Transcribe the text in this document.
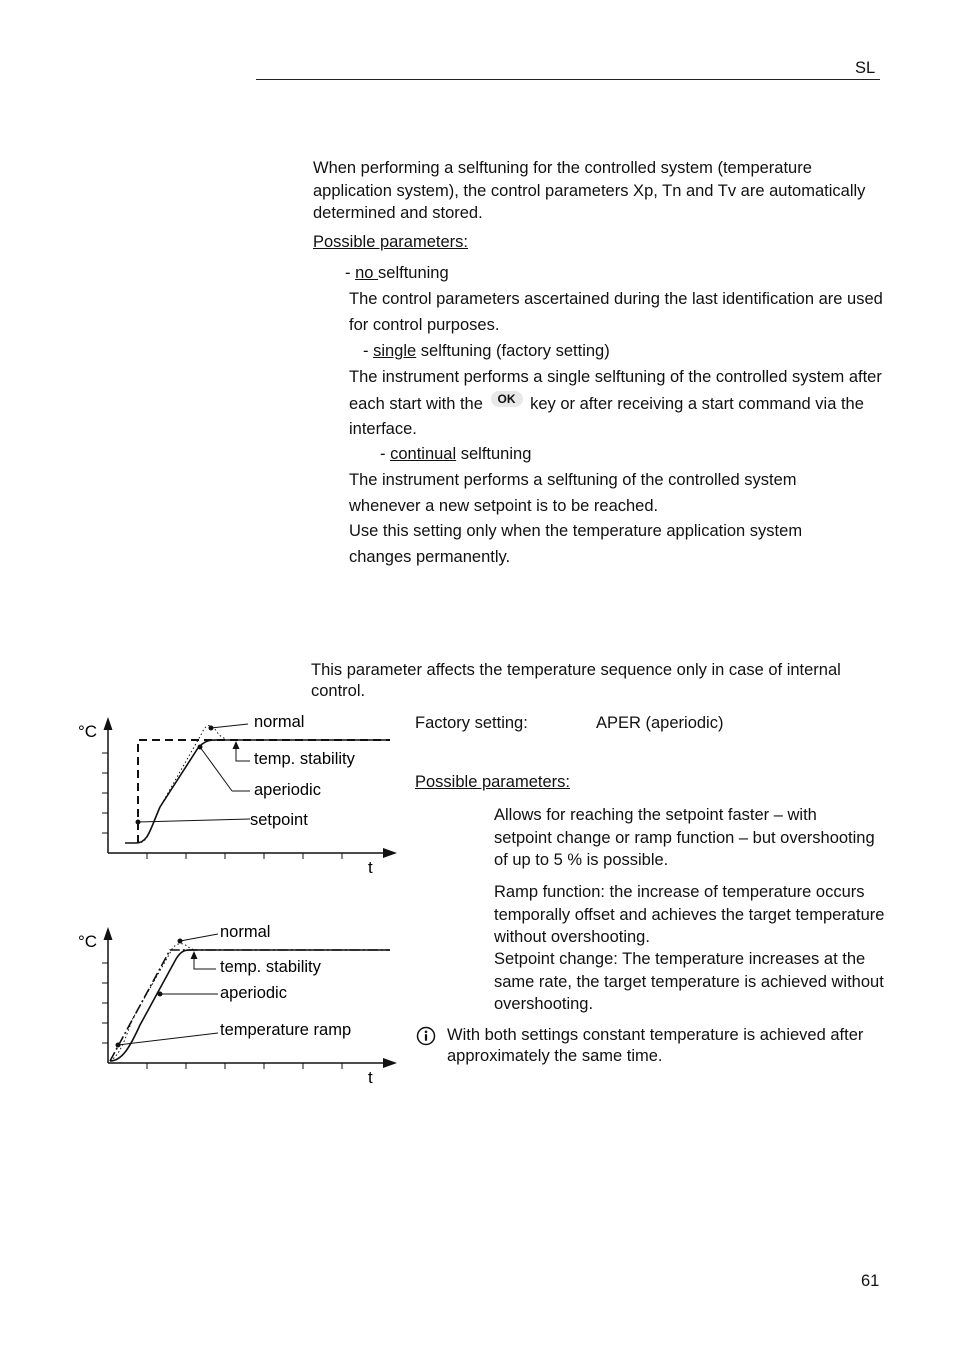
SL
When performing a selftuning for the controlled system (temperature application system), the control parameters Xp, Tn and Tv are automatically determined and stored.
Possible parameters:
- no selftuning
The control parameters ascertained during the last identification are used for control purposes.
- single selftuning (factory setting)
The instrument performs a single selftuning of the controlled system after each start with the OK key or after receiving a start command via the interface.
- continual selftuning
The instrument performs a selftuning of the controlled system whenever a new setpoint is to be reached.
Use this setting only when the temperature application system changes permanently.
This parameter affects the temperature sequence only in case of internal control.
Factory setting:	APER (aperiodic)
Possible parameters:
Allows for reaching the setpoint faster – with setpoint change or ramp function – but overshooting of up to 5 % is possible.
Ramp function: the increase of temperature occurs temporally offset and achieves the target temperature without overshooting.
Setpoint change: The temperature increases at the same rate, the target temperature is achieved without overshooting.
With both settings constant temperature is achieved after approximately the same time.
°C
t
normal
temp. stability
aperiodic
setpoint
°C
t
normal
temp. stability
aperiodic
temperature ramp
61
